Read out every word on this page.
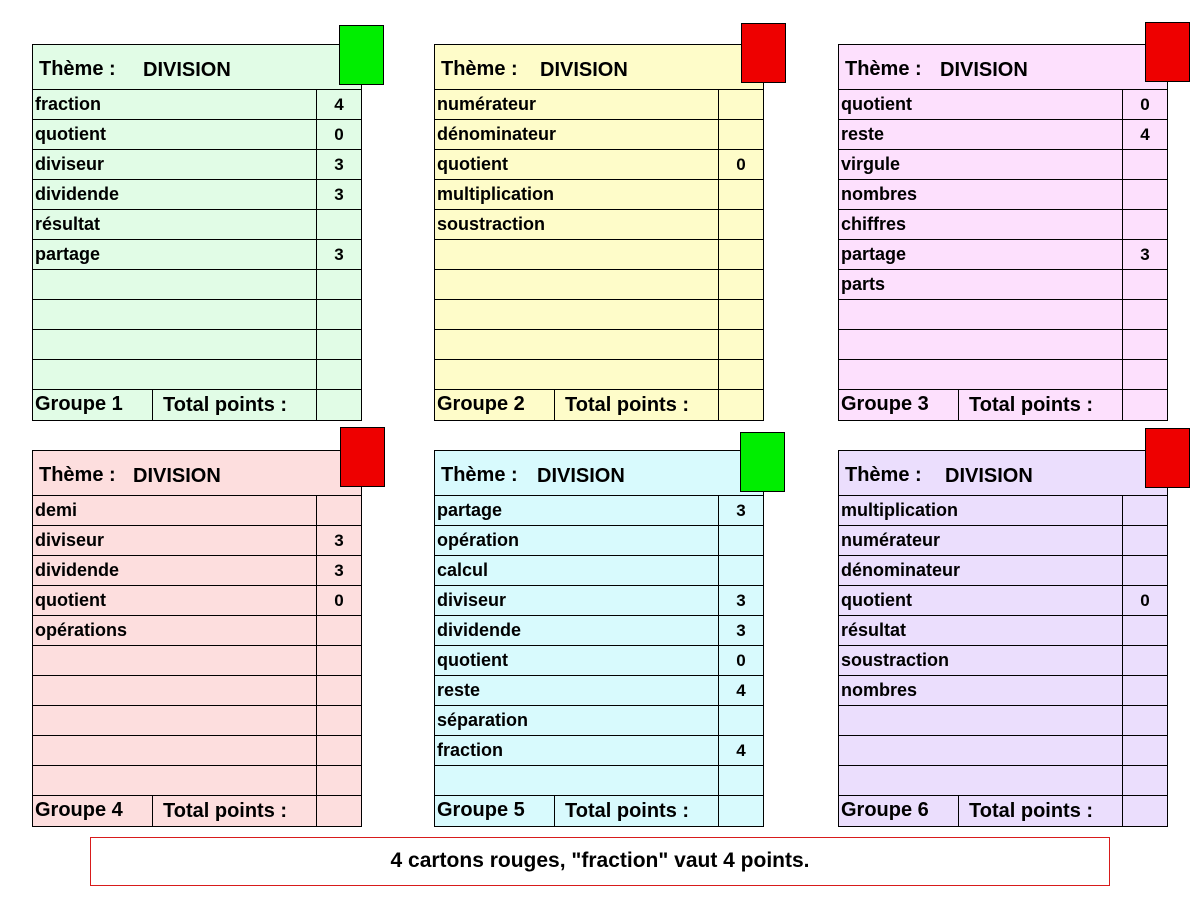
Thème : DIVISION
fraction	4
quotient	0
diviseur	3
dividende	3
résultat
partage	3
Groupe 1	Total points :
Thème : DIVISION
numérateur
dénominateur
quotient	0
multiplication
soustraction
Groupe 2	Total points :
Thème : DIVISION
quotient	0
reste	4
virgule
nombres
chiffres
partage	3
parts
Groupe 3	Total points :
Thème : DIVISION
demi
diviseur	3
dividende	3
quotient	0
opérations
Groupe 4	Total points :
Thème : DIVISION
partage	3
opération
calcul
diviseur	3
dividende	3
quotient	0
reste	4
séparation
fraction	4
Groupe 5	Total points :
Thème : DIVISION
multiplication
numérateur
dénominateur
quotient	0
résultat
soustraction
nombres
Groupe 6	Total points :
4 cartons rouges, "fraction" vaut 4 points.
